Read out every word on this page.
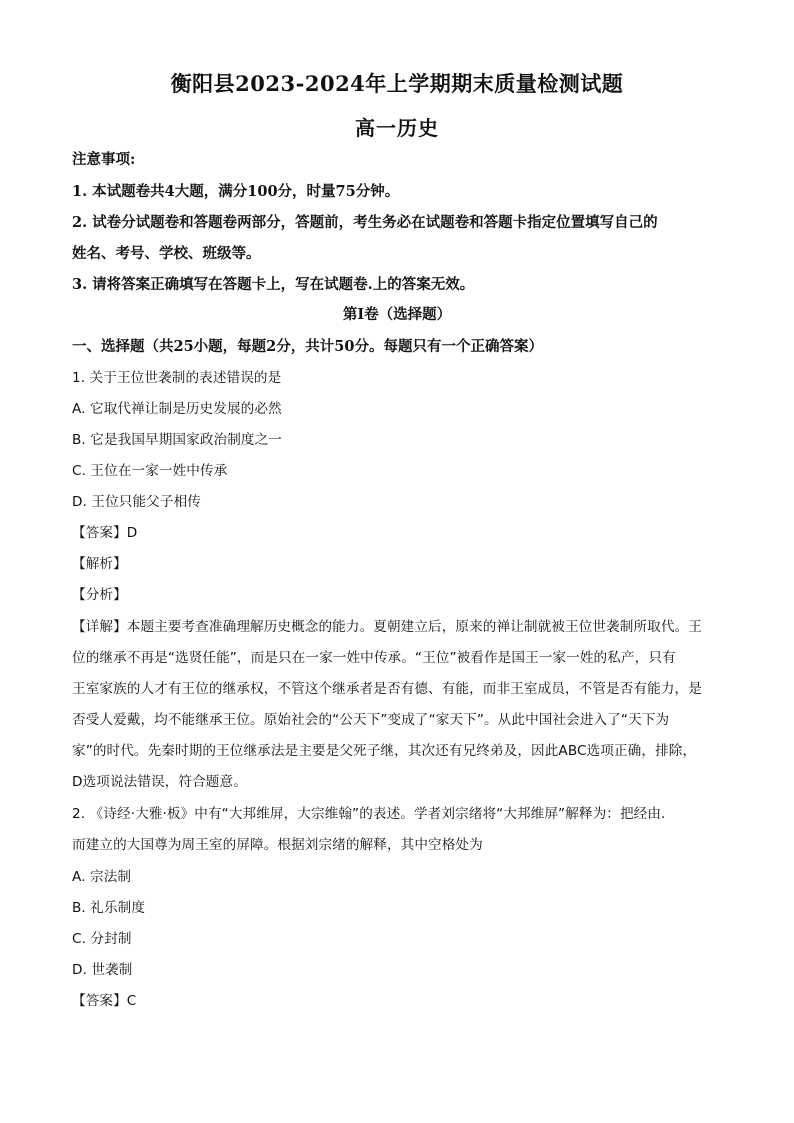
衡阳县2023-2024年上学期期末质量检测试题
高一历史
注意事项:
1. 本试题卷共4大题，满分100分，时量75分钟。
2. 试卷分试题卷和答题卷两部分，答题前，考生务必在试题卷和答题卡指定位置填写自己的
姓名、考号、学校、班级等。
3. 请将答案正确填写在答题卡上，写在试题卷.上的答案无效。
第I卷（选择题）
一、选择题（共25小题，每题2分，共计50分。每题只有一个正确答案）
1. 关于王位世袭制的表述错误的是
A. 它取代禅让制是历史发展的必然
B. 它是我国早期国家政治制度之一
C. 王位在一家一姓中传承
D. 王位只能父子相传
【答案】D
【解析】
【分析】
【详解】本题主要考查准确理解历史概念的能力。夏朝建立后，原来的禅让制就被王位世袭制所取代。王
位的继承不再是“选贤任能”，而是只在一家一姓中传承。“王位”被看作是国王一家一姓的私产，只有
王室家族的人才有王位的继承权，不管这个继承者是否有德、有能，而非王室成员，不管是否有能力，是
否受人爱戴，均不能继承王位。原始社会的“公天下”变成了“家天下”。从此中国社会进入了“天下为
家”的时代。先秦时期的王位继承法是主要是父死子继，其次还有兄终弟及，因此ABC选项正确，排除，
D选项说法错误，符合题意。
2. 《诗经·大雅·板》中有“大邦维屏，大宗维翰”的表述。学者刘宗绪将“大邦维屏”解释为：把经由.
而建立的大国尊为周王室的屏障。根据刘宗绪的解释，其中空格处为
A. 宗法制
B. 礼乐制度
C. 分封制
D. 世袭制
【答案】C
